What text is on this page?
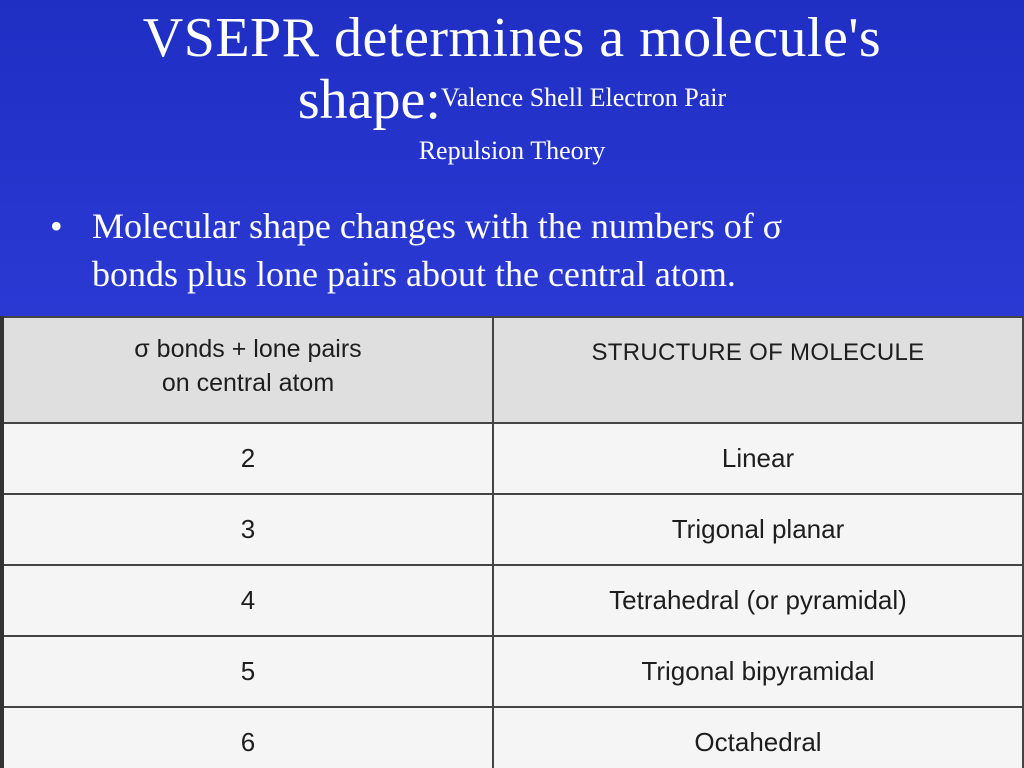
VSEPR determines a molecule's
shape:$^{Valence Shell Electron Pair}$
Repulsion Theory
• Molecular shape changes with the numbers of σ
bonds plus lone pairs about the central atom.
σ bonds + lone pairs
on central atom	STRUCTURE OF MOLECULE
2	Linear
3	Trigonal planar
4	Tetrahedral (or pyramidal)
5	Trigonal bipyramidal
6	Octahedral
